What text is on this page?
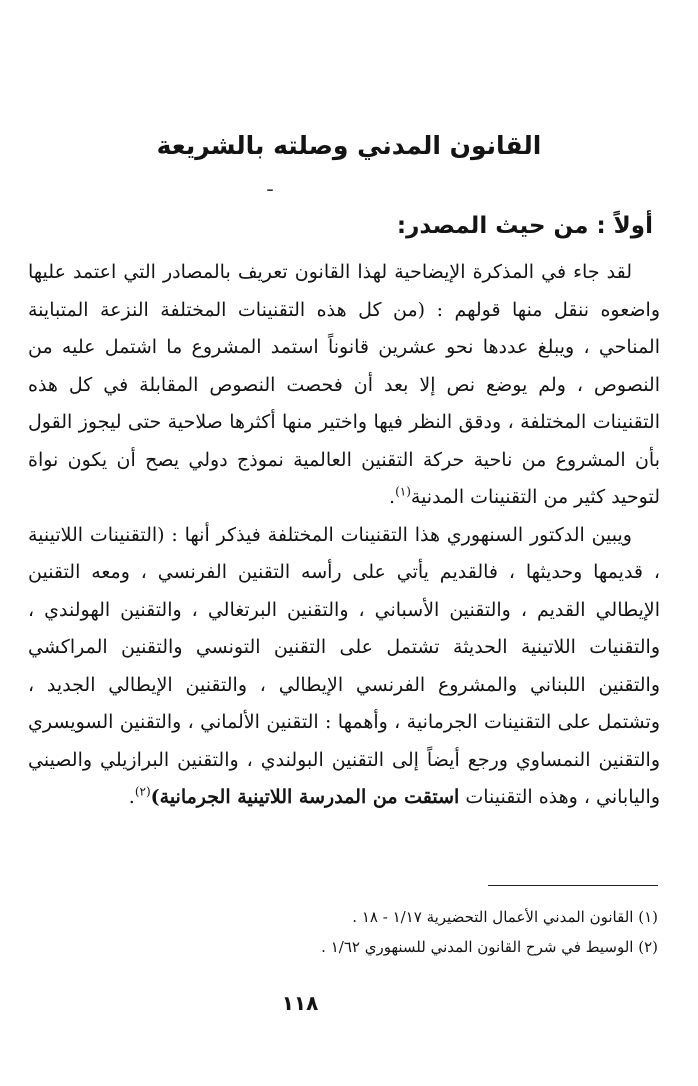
القانون المدني وصلته بالشريعة
ـ
أولاً : من حيث المصدر:

لقد جاء في المذكرة الإيضاحية لهذا القانون تعريف بالمصادر التي اعتمد عليها واضعوه ننقل منها قولهم : (من كل هذه التقنينات المختلفة النزعة المتباينة المناحي ، ويبلغ عددها نحو عشرين قانوناً استمد المشروع ما اشتمل عليه من النصوص ، ولم يوضع نص إلا بعد أن فحصت النصوص المقابلة في كل هذه التقنينات المختلفة ، ودقق النظر فيها واختير منها أكثرها صلاحية حتى ليجوز القول بأن المشروع من ناحية حركة التقنين العالمية نموذج دولي يصح أن يكون نواة لتوحيد كثير من التقنينات المدنية$^{(١)}$.

ويبين الدكتور السنهوري هذا التقنينات المختلفة فيذكر أنها : (التقنينات اللاتينية ، قديمها وحديثها ، فالقديم يأتي على رأسه التقنين الفرنسي ، ومعه التقنين الإيطالي القديم ، والتقنين الأسباني ، والتقنين البرتغالي ، والتقنين الهولندي ، والتقنيات اللاتينية الحديثة تشتمل على التقنين التونسي والتقنين المراكشي والتقنين اللبناني والمشروع الفرنسي الإيطالي ، والتقنين الإيطالي الجديد ، وتشتمل على التقنينات الجرمانية ، وأهمها : التقنين الألماني ، والتقنين السويسري والتقنين النمساوي ورجع أيضاً إلى التقنين البولندي ، والتقنين البرازيلي والصيني والياباني ، وهذه التقنينات استقت من المدرسة اللاتينية الجرمانية)$^{(٢)}$.

(١) القانون المدني الأعمال التحضيرية ١/١٧ - ١٨ .

(٢) الوسيط في شرح القانون المدني للسنهوري ١/٦٢ .

١١٨
